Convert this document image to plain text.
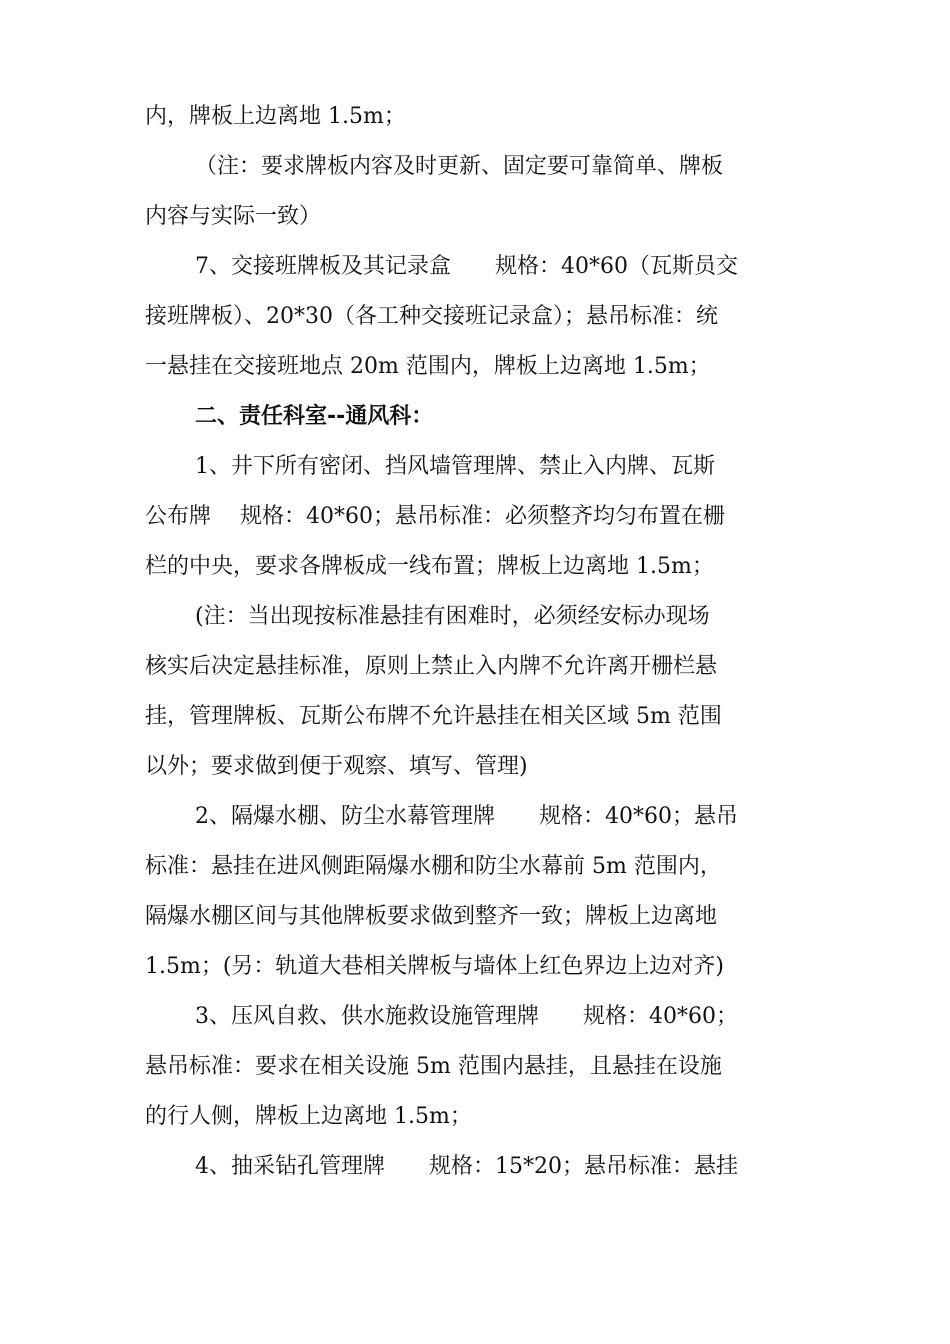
内，牌板上边离地 1.5m；
（注：要求牌板内容及时更新、固定要可靠简单、牌板
内容与实际一致）
7、交接班牌板及其记录盒　　规格：40*60（瓦斯员交
接班牌板）、20*30（各工种交接班记录盒）；悬吊标准：统
一悬挂在交接班地点 20m 范围内，牌板上边离地 1.5m；
二、责任科室--通风科：
1、井下所有密闭、挡风墙管理牌、禁止入内牌、瓦斯
公布牌　 规格：40*60；悬吊标准：必须整齐均匀布置在栅
栏的中央，要求各牌板成一线布置；牌板上边离地 1.5m；
(注：当出现按标准悬挂有困难时，必须经安标办现场
核实后决定悬挂标准，原则上禁止入内牌不允许离开栅栏悬
挂，管理牌板、瓦斯公布牌不允许悬挂在相关区域 5m 范围
以外；要求做到便于观察、填写、管理)
2、隔爆水棚、防尘水幕管理牌　　规格：40*60；悬吊
标准：悬挂在进风侧距隔爆水棚和防尘水幕前 5m 范围内，
隔爆水棚区间与其他牌板要求做到整齐一致；牌板上边离地
1.5m；(另：轨道大巷相关牌板与墙体上红色界边上边对齐)
3、压风自救、供水施救设施管理牌　　规格：40*60；
悬吊标准：要求在相关设施 5m 范围内悬挂，且悬挂在设施
的行人侧，牌板上边离地 1.5m；
4、抽采钻孔管理牌　　规格：15*20；悬吊标准：悬挂
